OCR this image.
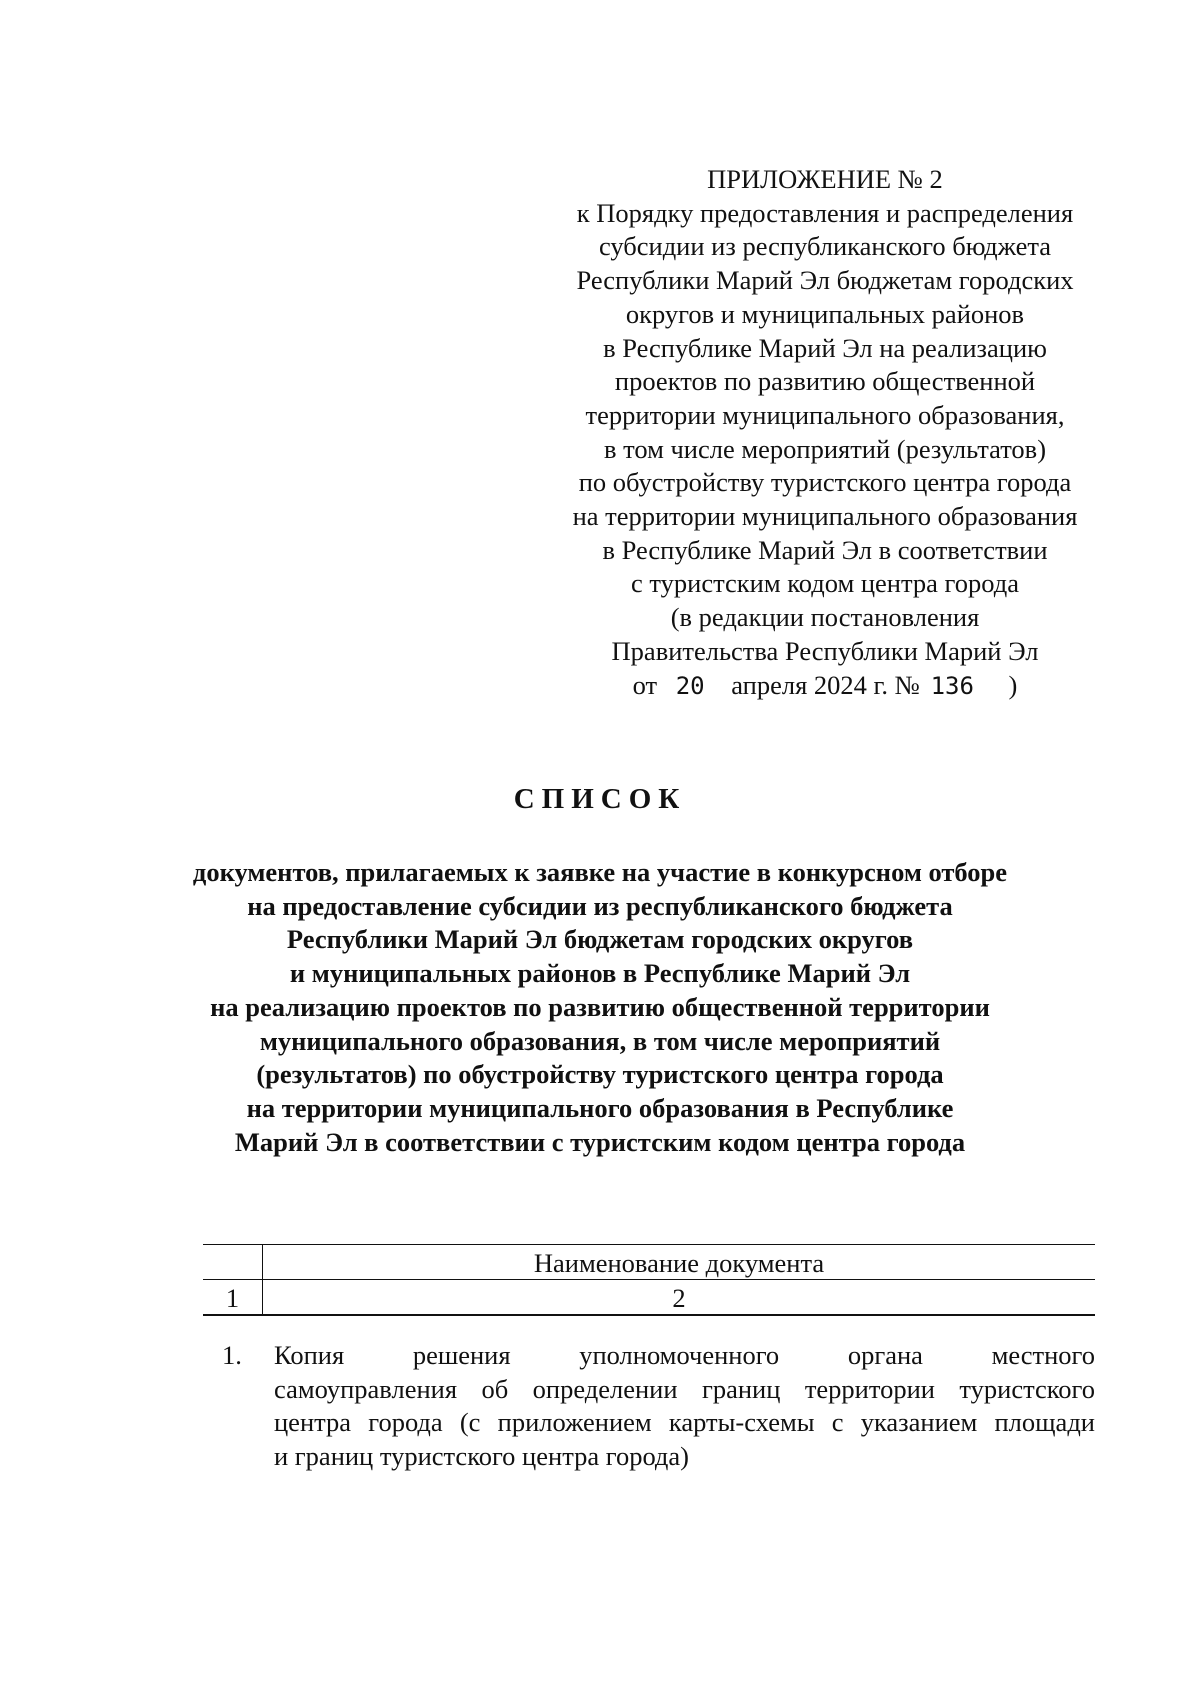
ПРИЛОЖЕНИЕ № 2
к Порядку предоставления и распределения
субсидии из республиканского бюджета
Республики Марий Эл бюджетам городских
округов и муниципальных районов
в Республике Марий Эл на реализацию
проектов по развитию общественной
территории муниципального образования,
в том числе мероприятий (результатов)
по обустройству туристского центра города
на территории муниципального образования
в Республике Марий Эл в соответствии
с туристским кодом центра города
(в редакции постановления
Правительства Республики Марий Эл
от 20 апреля 2024 г. № 136 )
СПИСОК
документов, прилагаемых к заявке на участие в конкурсном отборе
на предоставление субсидии из республиканского бюджета
Республики Марий Эл бюджетам городских округов
и муниципальных районов в Республике Марий Эл
на реализацию проектов по развитию общественной территории
муниципального образования, в том числе мероприятий
(результатов) по обустройству туристского центра города
на территории муниципального образования в Республике
Марий Эл в соответствии с туристским кодом центра города
Наименование документа
1	2
1. Копия решения уполномоченного органа местного
самоуправления об определении границ территории туристского
центра города (с приложением карты-схемы с указанием площади
и границ туристского центра города)
